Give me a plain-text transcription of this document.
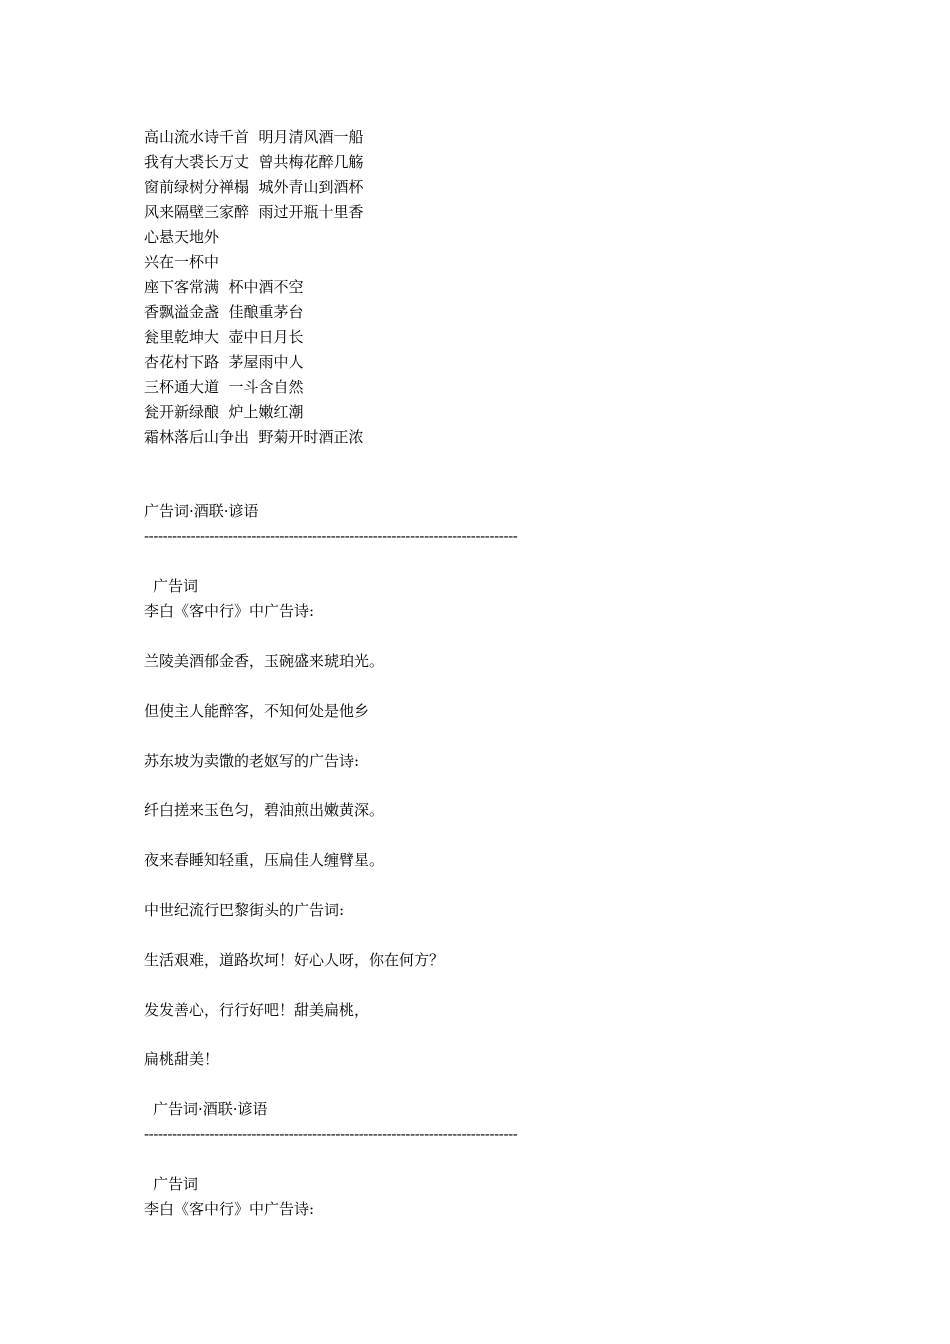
高山流水诗千首  明月清风酒一船
我有大裘长万丈  曾共梅花醉几觞
窗前绿树分禅榻  城外青山到酒杯
风来隔壁三家醉  雨过开瓶十里香
心悬天地外
兴在一杯中
座下客常满  杯中酒不空
香飘溢金盏  佳酿重茅台
瓮里乾坤大  壶中日月长
杏花村下路  茅屋雨中人
三杯通大道  一斗含自然
瓮开新绿酿  炉上嫩红潮
霜林落后山争出  野菊开时酒正浓
广告词·酒联·谚语
--------------------------------------------------------------------------------
广告词
李白《客中行》中广告诗:
兰陵美酒郁金香，玉碗盛来琥珀光。
但使主人能醉客，不知何处是他乡
苏东坡为卖馓的老妪写的广告诗:
纤白搓来玉色匀，碧油煎出嫩黄深。
夜来春睡知轻重，压扁佳人缠臂星。
中世纪流行巴黎街头的广告词:
生活艰难，道路坎坷！好心人呀，你在何方？
发发善心，行行好吧！甜美扁桃，
扁桃甜美！
广告词·酒联·谚语
--------------------------------------------------------------------------------
广告词
李白《客中行》中广告诗:
